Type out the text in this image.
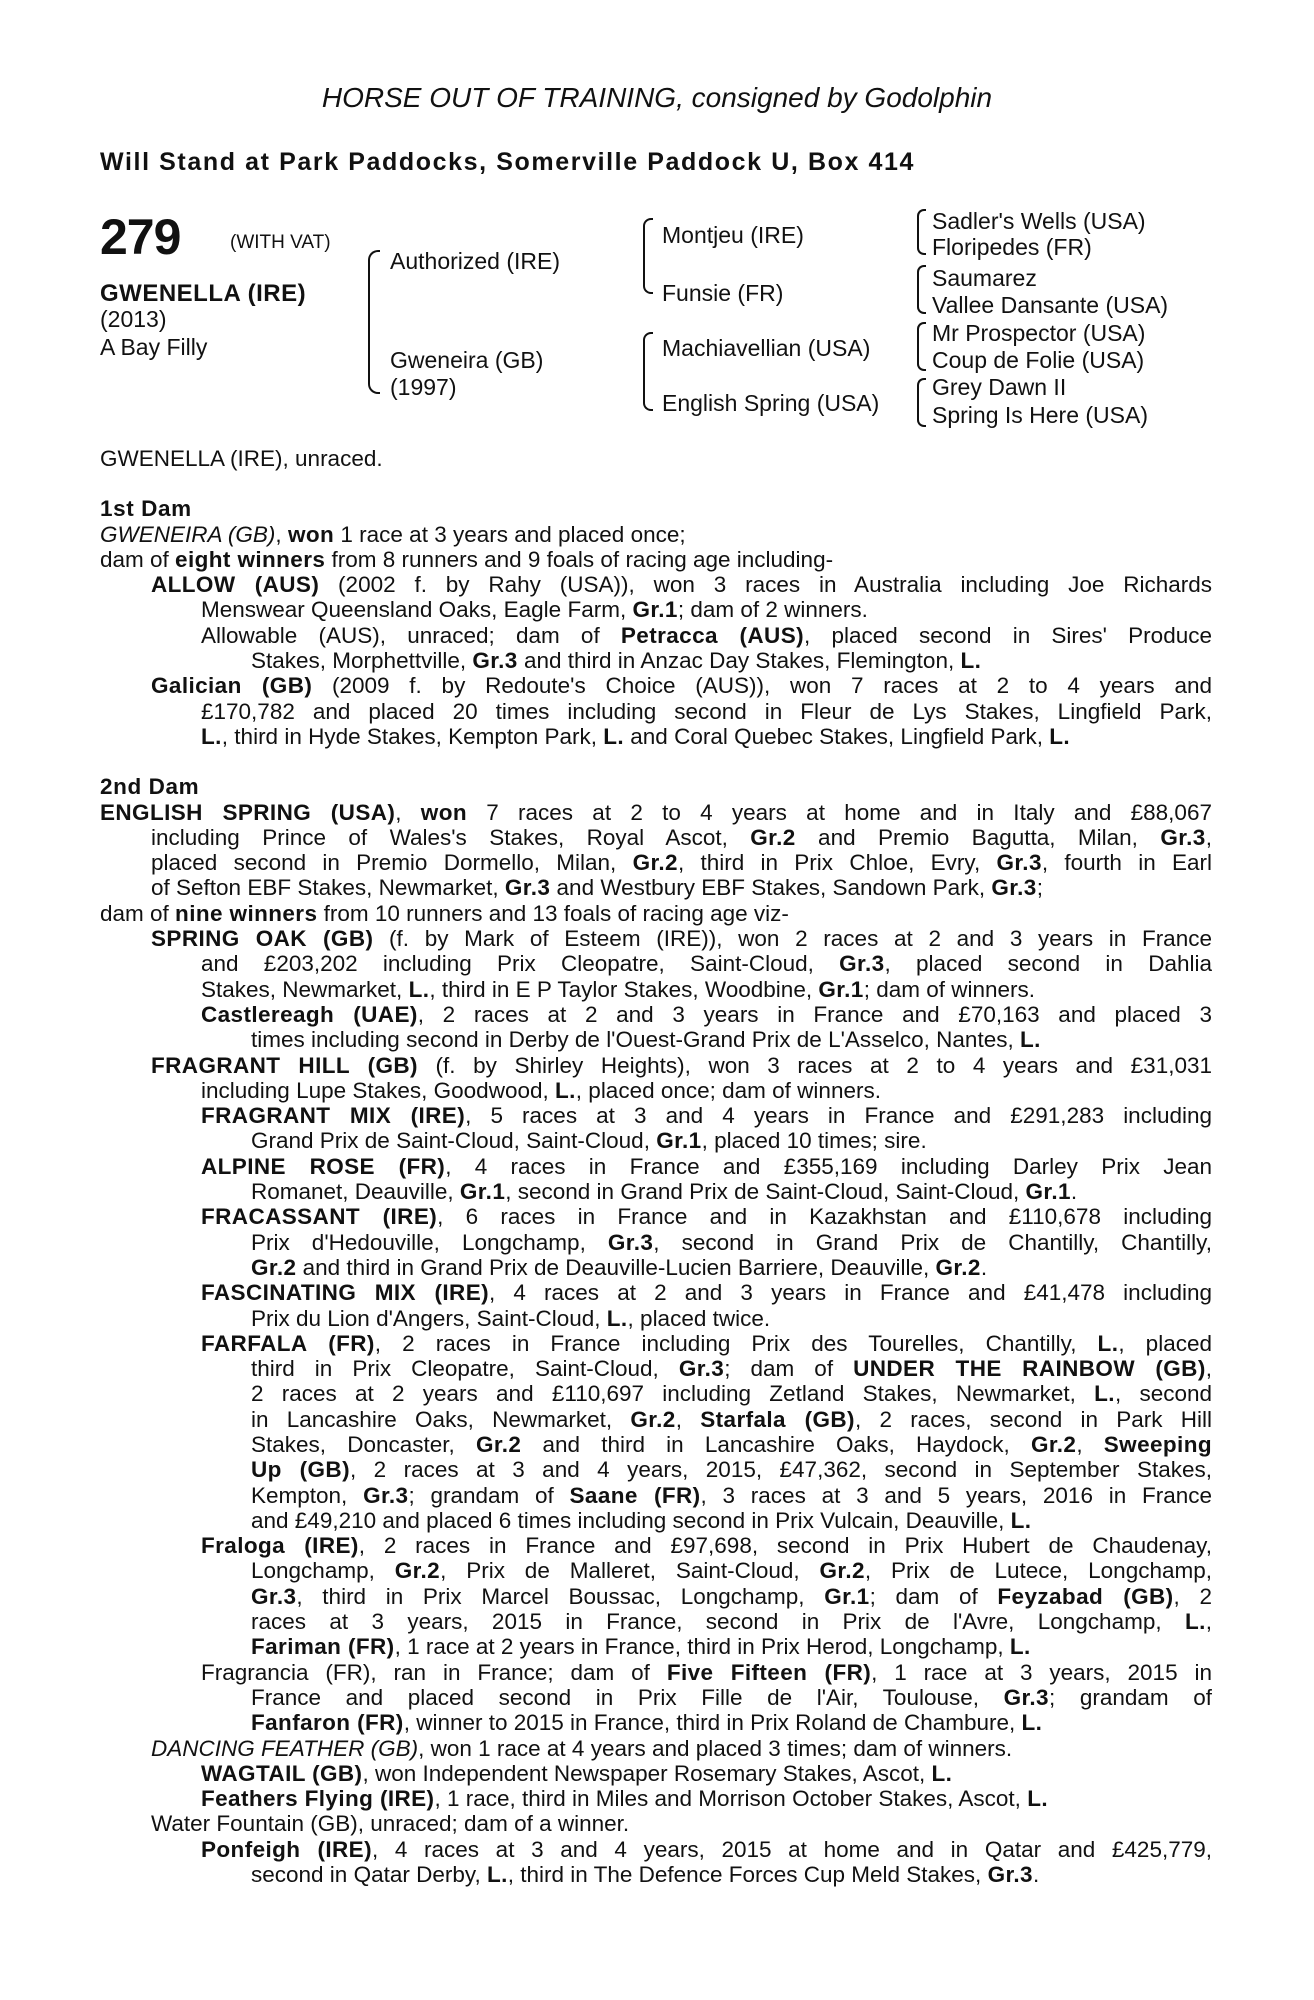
HORSE OUT OF TRAINING, consigned by Godolphin
Will Stand at Park Paddocks, Somerville Paddock U, Box 414
279	(WITH VAT)
GWENELLA (IRE)
(2013)
A Bay Filly
Authorized (IRE)
Gweneira (GB)
(1997)
Montjeu (IRE)
Funsie (FR)
Machiavellian (USA)
English Spring (USA)
Sadler's Wells (USA)
Floripedes (FR)
Saumarez
Vallee Dansante (USA)
Mr Prospector (USA)
Coup de Folie (USA)
Grey Dawn II
Spring Is Here (USA)
GWENELLA (IRE), unraced.
1st Dam
GWENEIRA (GB), won 1 race at 3 years and placed once;
dam of eight winners from 8 runners and 9 foals of racing age including-
ALLOW (AUS) (2002 f. by Rahy (USA)), won 3 races in Australia including Joe Richards
Menswear Queensland Oaks, Eagle Farm, Gr.1; dam of 2 winners.
Allowable (AUS), unraced; dam of Petracca (AUS), placed second in Sires' Produce
Stakes, Morphettville, Gr.3 and third in Anzac Day Stakes, Flemington, L.
Galician (GB) (2009 f. by Redoute's Choice (AUS)), won 7 races at 2 to 4 years and
£170,782 and placed 20 times including second in Fleur de Lys Stakes, Lingfield Park,
L., third in Hyde Stakes, Kempton Park, L. and Coral Quebec Stakes, Lingfield Park, L.
2nd Dam
ENGLISH SPRING (USA), won 7 races at 2 to 4 years at home and in Italy and £88,067
including Prince of Wales's Stakes, Royal Ascot, Gr.2 and Premio Bagutta, Milan, Gr.3,
placed second in Premio Dormello, Milan, Gr.2, third in Prix Chloe, Evry, Gr.3, fourth in Earl
of Sefton EBF Stakes, Newmarket, Gr.3 and Westbury EBF Stakes, Sandown Park, Gr.3;
dam of nine winners from 10 runners and 13 foals of racing age viz-
SPRING OAK (GB) (f. by Mark of Esteem (IRE)), won 2 races at 2 and 3 years in France
and £203,202 including Prix Cleopatre, Saint-Cloud, Gr.3, placed second in Dahlia
Stakes, Newmarket, L., third in E P Taylor Stakes, Woodbine, Gr.1; dam of winners.
Castlereagh (UAE), 2 races at 2 and 3 years in France and £70,163 and placed 3
times including second in Derby de l'Ouest-Grand Prix de L'Asselco, Nantes, L.
FRAGRANT HILL (GB) (f. by Shirley Heights), won 3 races at 2 to 4 years and £31,031
including Lupe Stakes, Goodwood, L., placed once; dam of winners.
FRAGRANT MIX (IRE), 5 races at 3 and 4 years in France and £291,283 including
Grand Prix de Saint-Cloud, Saint-Cloud, Gr.1, placed 10 times; sire.
ALPINE ROSE (FR), 4 races in France and £355,169 including Darley Prix Jean
Romanet, Deauville, Gr.1, second in Grand Prix de Saint-Cloud, Saint-Cloud, Gr.1.
FRACASSANT (IRE), 6 races in France and in Kazakhstan and £110,678 including
Prix d'Hedouville, Longchamp, Gr.3, second in Grand Prix de Chantilly, Chantilly,
Gr.2 and third in Grand Prix de Deauville-Lucien Barriere, Deauville, Gr.2.
FASCINATING MIX (IRE), 4 races at 2 and 3 years in France and £41,478 including
Prix du Lion d'Angers, Saint-Cloud, L., placed twice.
FARFALA (FR), 2 races in France including Prix des Tourelles, Chantilly, L., placed
third in Prix Cleopatre, Saint-Cloud, Gr.3; dam of UNDER THE RAINBOW (GB),
2 races at 2 years and £110,697 including Zetland Stakes, Newmarket, L., second
in Lancashire Oaks, Newmarket, Gr.2, Starfala (GB), 2 races, second in Park Hill
Stakes, Doncaster, Gr.2 and third in Lancashire Oaks, Haydock, Gr.2, Sweeping
Up (GB), 2 races at 3 and 4 years, 2015, £47,362, second in September Stakes,
Kempton, Gr.3; grandam of Saane (FR), 3 races at 3 and 5 years, 2016 in France
and £49,210 and placed 6 times including second in Prix Vulcain, Deauville, L.
Fraloga (IRE), 2 races in France and £97,698, second in Prix Hubert de Chaudenay,
Longchamp, Gr.2, Prix de Malleret, Saint-Cloud, Gr.2, Prix de Lutece, Longchamp,
Gr.3, third in Prix Marcel Boussac, Longchamp, Gr.1; dam of Feyzabad (GB), 2
races at 3 years, 2015 in France, second in Prix de l'Avre, Longchamp, L.,
Fariman (FR), 1 race at 2 years in France, third in Prix Herod, Longchamp, L.
Fragrancia (FR), ran in France; dam of Five Fifteen (FR), 1 race at 3 years, 2015 in
France and placed second in Prix Fille de l'Air, Toulouse, Gr.3; grandam of
Fanfaron (FR), winner to 2015 in France, third in Prix Roland de Chambure, L.
DANCING FEATHER (GB), won 1 race at 4 years and placed 3 times; dam of winners.
WAGTAIL (GB), won Independent Newspaper Rosemary Stakes, Ascot, L.
Feathers Flying (IRE), 1 race, third in Miles and Morrison October Stakes, Ascot, L.
Water Fountain (GB), unraced; dam of a winner.
Ponfeigh (IRE), 4 races at 3 and 4 years, 2015 at home and in Qatar and £425,779,
second in Qatar Derby, L., third in The Defence Forces Cup Meld Stakes, Gr.3.
